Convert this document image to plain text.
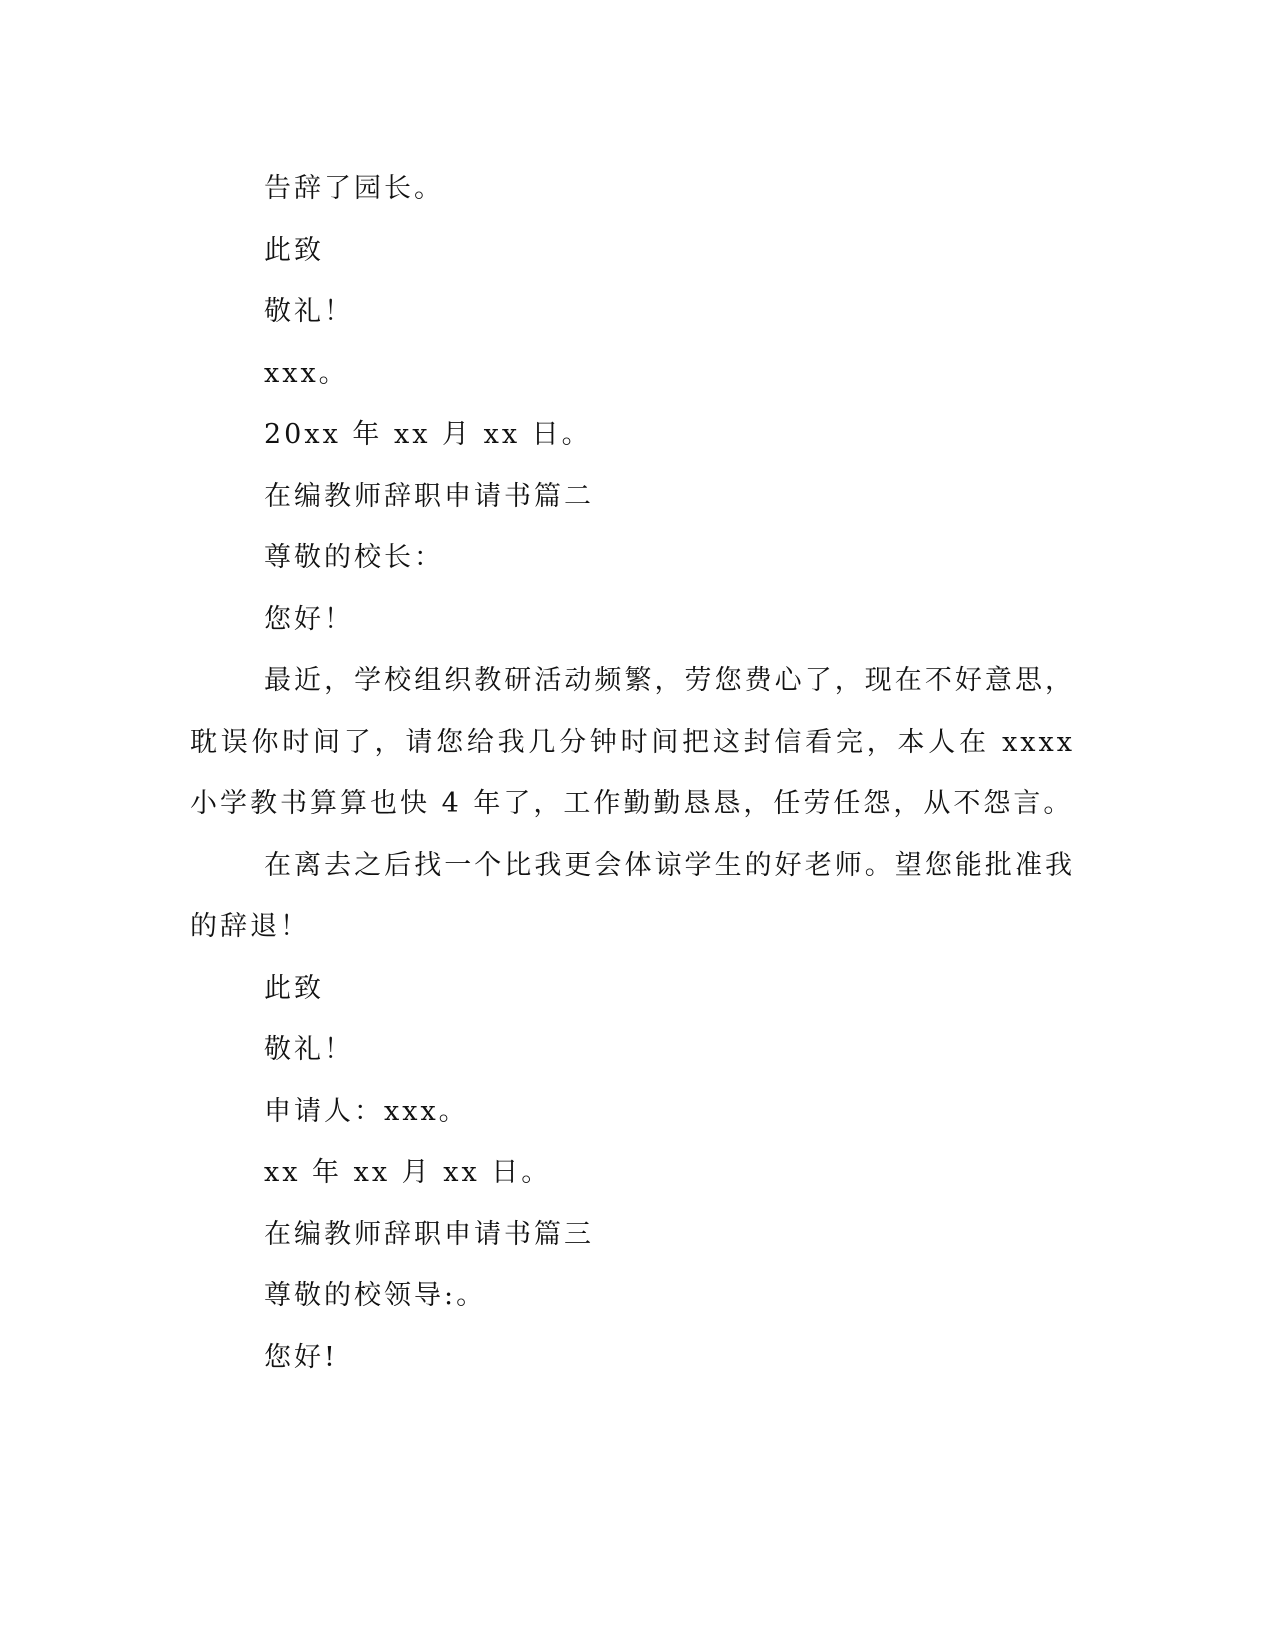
告辞了园长。

此致

敬礼！

xxx。

20xx 年 xx 月 xx 日。

在编教师辞职申请书篇二

尊敬的校长：

您好！

最近，学校组织教研活动频繁，劳您费心了，现在不好意思，耽误你时间了，请您给我几分钟时间把这封信看完，本人在 xxxx 小学教书算算也快 4 年了，工作勤勤恳恳，任劳任怨，从不怨言。

在离去之后找一个比我更会体谅学生的好老师。望您能批准我的辞退！

此致

敬礼！

申请人：xxx。

xx 年 xx 月 xx 日。

在编教师辞职申请书篇三

尊敬的校领导:。

您好!
